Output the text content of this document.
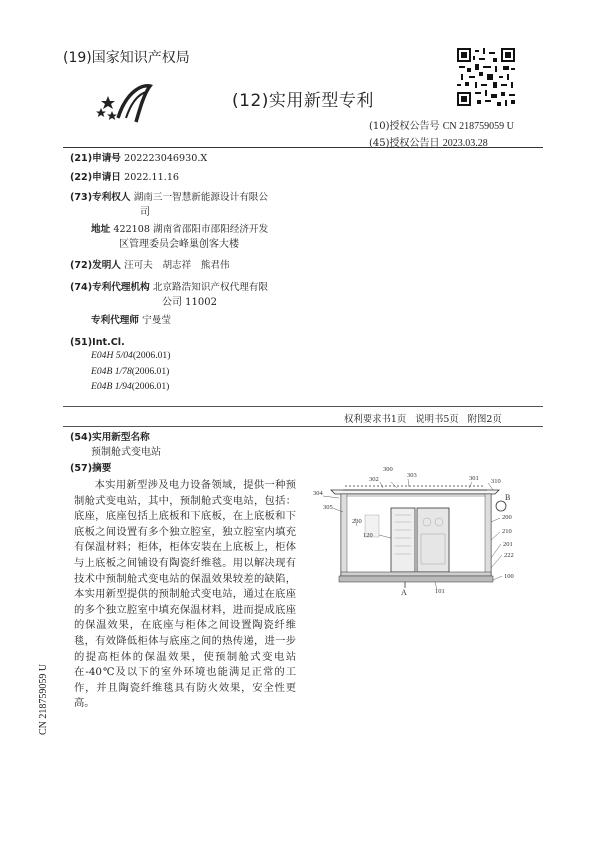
(19)国家知识产权局
(12)实用新型专利
(10)授权公告号 CN 218759059 U
(45)授权公告日 2023.03.28
(21)申请号 202223046930.X
(22)申请日 2022.11.16
(73)专利权人 湖南三一智慧新能源设计有限公
司
地址 422108 湖南省邵阳市邵阳经济开发
区管理委员会峰巢创客大楼
(72)发明人 汪可夫　胡志祥　熊君伟
(74)专利代理机构 北京路浩知识产权代理有限
公司 11002
专利代理师 宁曼莹
(51)Int.Cl.
E04H 5/04(2006.01)
E04B 1/78(2006.01)
E04B 1/94(2006.01)
权利要求书1页 说明书5页 附图2页
(54)实用新型名称
预制舱式变电站
(57)摘要
本实用新型涉及电力设备领域，提供一种预制舱式变电站，其中，预制舱式变电站，包括：底座，底座包括上底板和下底板，在上底板和下底板之间设置有多个独立腔室，独立腔室内填充有保温材料；柜体，柜体安装在上底板上，柜体与上底板之间铺设有陶瓷纤维毯。用以解决现有技术中预制舱式变电站的保温效果较差的缺陷，本实用新型提供的预制舱式变电站，通过在底座的多个独立腔室中填充保温材料，进而提成底座的保温效果，在底座与柜体之间设置陶瓷纤维毯，有效降低柜体与底座之间的热传递，进一步的提高柜体的保温效果，使预制舱式变电站在-40℃及以下的室外环境也能满足正常的工作，并且陶瓷纤维毯具有防火效果，安全性更高。
300
303
302	301 310
304
305
230
B
200
210
120
201
222
100
101
A
CN 218759059 U
